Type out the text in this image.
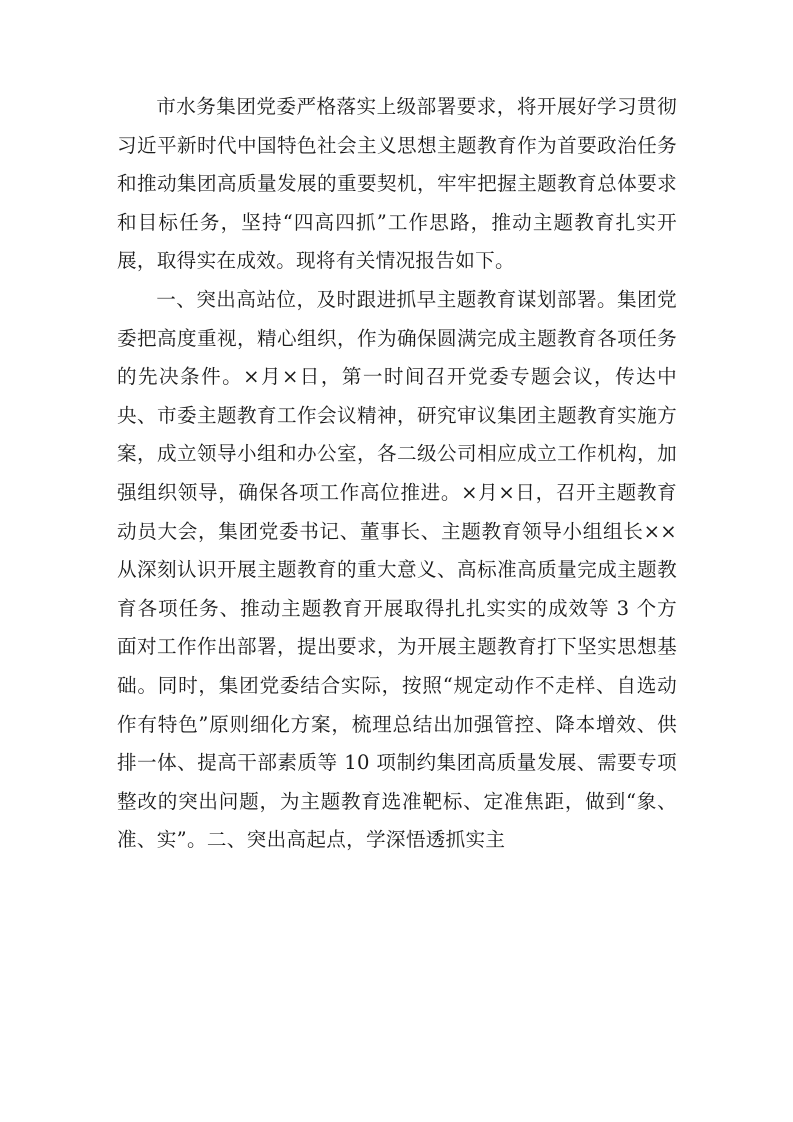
市水务集团党委严格落实上级部署要求，将开展好学习贯彻习近平新时代中国特色社会主义思想主题教育作为首要政治任务和推动集团高质量发展的重要契机，牢牢把握主题教育总体要求和目标任务，坚持“四高四抓”工作思路，推动主题教育扎实开展，取得实在成效。现将有关情况报告如下。

一、突出高站位，及时跟进抓早主题教育谋划部署。集团党委把高度重视，精心组织，作为确保圆满完成主题教育各项任务的先决条件。×月×日，第一时间召开党委专题会议，传达中央、市委主题教育工作会议精神，研究审议集团主题教育实施方案，成立领导小组和办公室，各二级公司相应成立工作机构，加强组织领导，确保各项工作高位推进。×月×日，召开主题教育动员大会，集团党委书记、董事长、主题教育领导小组组长××从深刻认识开展主题教育的重大意义、高标准高质量完成主题教育各项任务、推动主题教育开展取得扎扎实实的成效等 3 个方面对工作作出部署，提出要求，为开展主题教育打下坚实思想基础。同时，集团党委结合实际，按照“规定动作不走样、自选动作有特色”原则细化方案，梳理总结出加强管控、降本增效、供排一体、提高干部素质等 10 项制约集团高质量发展、需要专项整改的突出问题，为主题教育选准靶标、定准焦距，做到“象、准、实”。二、突出高起点，学深悟透抓实主
